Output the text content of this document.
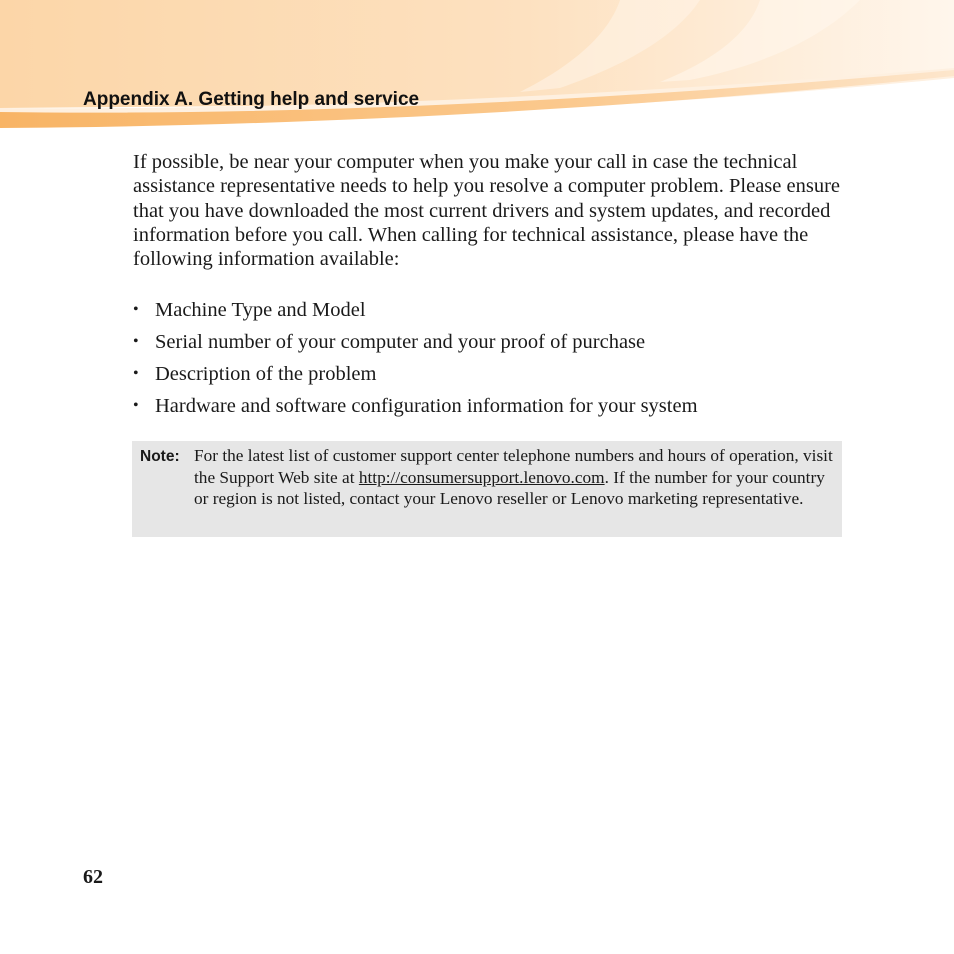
Appendix A. Getting help and service

If possible, be near your computer when you make your call in case the technical assistance representative needs to help you resolve a computer problem. Please ensure that you have downloaded the most current drivers and system updates, and recorded information before you call. When calling for technical assistance, please have the following information available:

• Machine Type and Model
• Serial number of your computer and your proof of purchase
• Description of the problem
• Hardware and software configuration information for your system
Note: For the latest list of customer support center telephone numbers and hours of operation, visit the Support Web site at http://consumersupport.lenovo.com. If the number for your country or region is not listed, contact your Lenovo reseller or Lenovo marketing representative.
62
